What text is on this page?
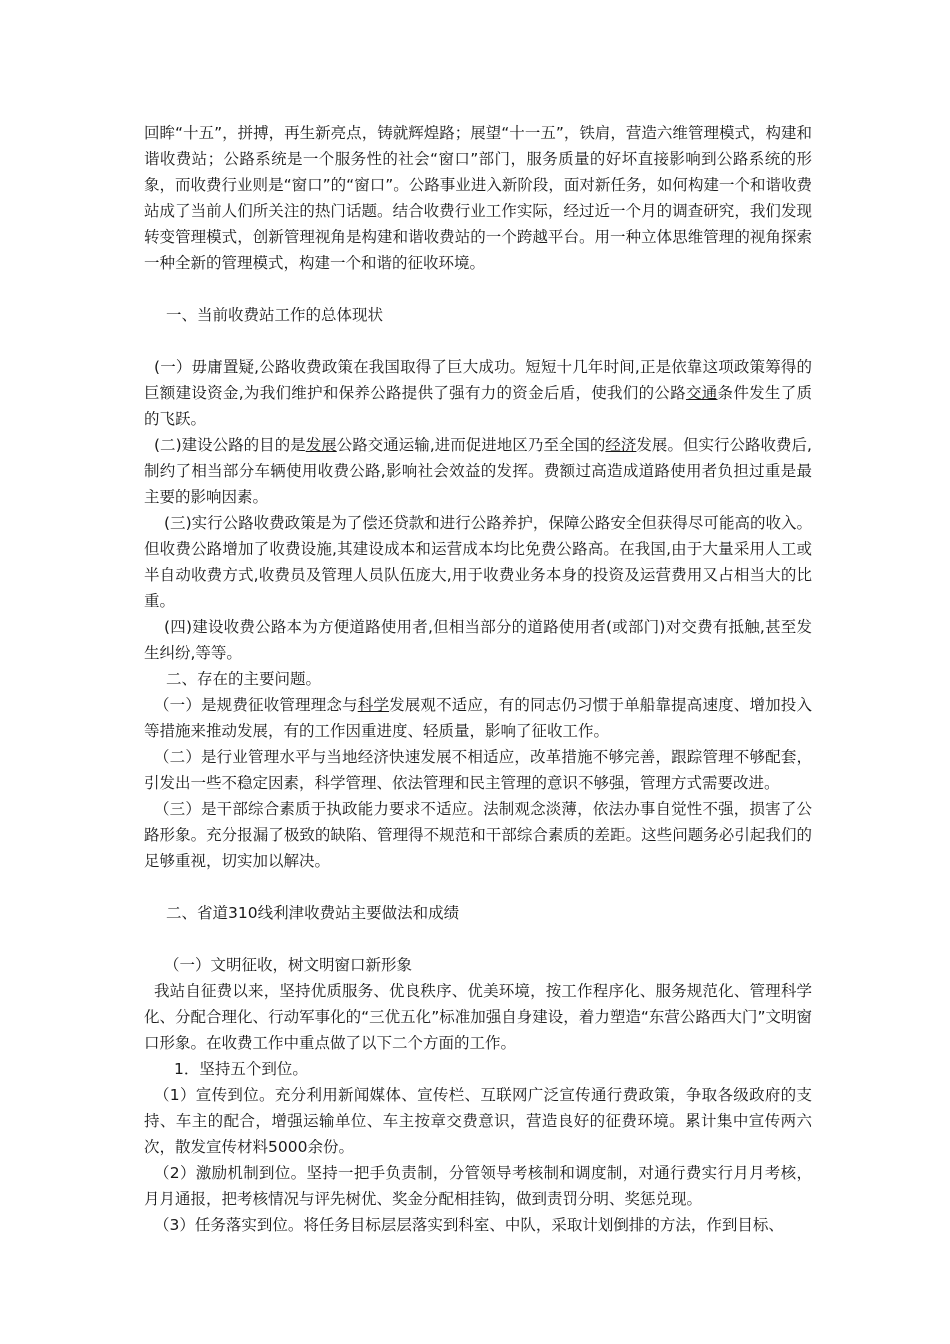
回眸“十五”，拼搏，再生新亮点，铸就辉煌路；展望“十一五”，铁肩，营造六维管理模式，构建和谐收费站；公路系统是一个服务性的社会“窗口”部门，服务质量的好坏直接影响到公路系统的形象，而收费行业则是“窗口”的“窗口”。公路事业进入新阶段，面对新任务，如何构建一个和谐收费站成了当前人们所关注的热门话题。结合收费行业工作实际，经过近一个月的调查研究，我们发现转变管理模式，创新管理视角是构建和谐收费站的一个跨越平台。用一种立体思维管理的视角探索一种全新的管理模式，构建一个和谐的征收环境。

一、当前收费站工作的总体现状

(一）毋庸置疑,公路收费政策在我国取得了巨大成功。短短十几年时间,正是依靠这项政策筹得的巨额建设资金,为我们维护和保养公路提供了强有力的资金后盾，使我们的公路交通条件发生了质的飞跃。

(二)建设公路的目的是发展公路交通运输,进而促进地区乃至全国的经济发展。但实行公路收费后,制约了相当部分车辆使用收费公路,影响社会效益的发挥。费额过高造成道路使用者负担过重是最主要的影响因素。

(三)实行公路收费政策是为了偿还贷款和进行公路养护，保障公路安全但获得尽可能高的收入。但收费公路增加了收费设施,其建设成本和运营成本均比免费公路高。在我国,由于大量采用人工或半自动收费方式,收费员及管理人员队伍庞大,用于收费业务本身的投资及运营费用又占相当大的比重。

(四)建设收费公路本为方便道路使用者,但相当部分的道路使用者(或部门)对交费有抵触,甚至发生纠纷,等等。

二、存在的主要问题。

（一）是规费征收管理理念与科学发展观不适应，有的同志仍习惯于单船靠提高速度、增加投入等措施来推动发展，有的工作因重进度、轻质量，影响了征收工作。

（二）是行业管理水平与当地经济快速发展不相适应，改革措施不够完善，跟踪管理不够配套，引发出一些不稳定因素，科学管理、依法管理和民主管理的意识不够强，管理方式需要改进。

（三）是干部综合素质于执政能力要求不适应。法制观念淡薄，依法办事自觉性不强，损害了公路形象。充分报漏了极致的缺陷、管理得不规范和干部综合素质的差距。这些问题务必引起我们的足够重视，切实加以解决。

二、省道310线利津收费站主要做法和成绩

（一）文明征收，树文明窗口新形象

我站自征费以来，坚持优质服务、优良秩序、优美环境，按工作程序化、服务规范化、管理科学化、分配合理化、行动军事化的“三优五化”标准加强自身建设，着力塑造“东营公路西大门”文明窗口形象。在收费工作中重点做了以下二个方面的工作。

1．坚持五个到位。

（1）宣传到位。充分利用新闻媒体、宣传栏、互联网广泛宣传通行费政策，争取各级政府的支持、车主的配合，增强运输单位、车主按章交费意识，营造良好的征费环境。累计集中宣传两六次，散发宣传材料5000余份。

（2）激励机制到位。坚持一把手负责制，分管领导考核制和调度制，对通行费实行月月考核，月月通报，把考核情况与评先树优、奖金分配相挂钩，做到责罚分明、奖惩兑现。

（3）任务落实到位。将任务目标层层落实到科室、中队，采取计划倒排的方法，作到目标、
